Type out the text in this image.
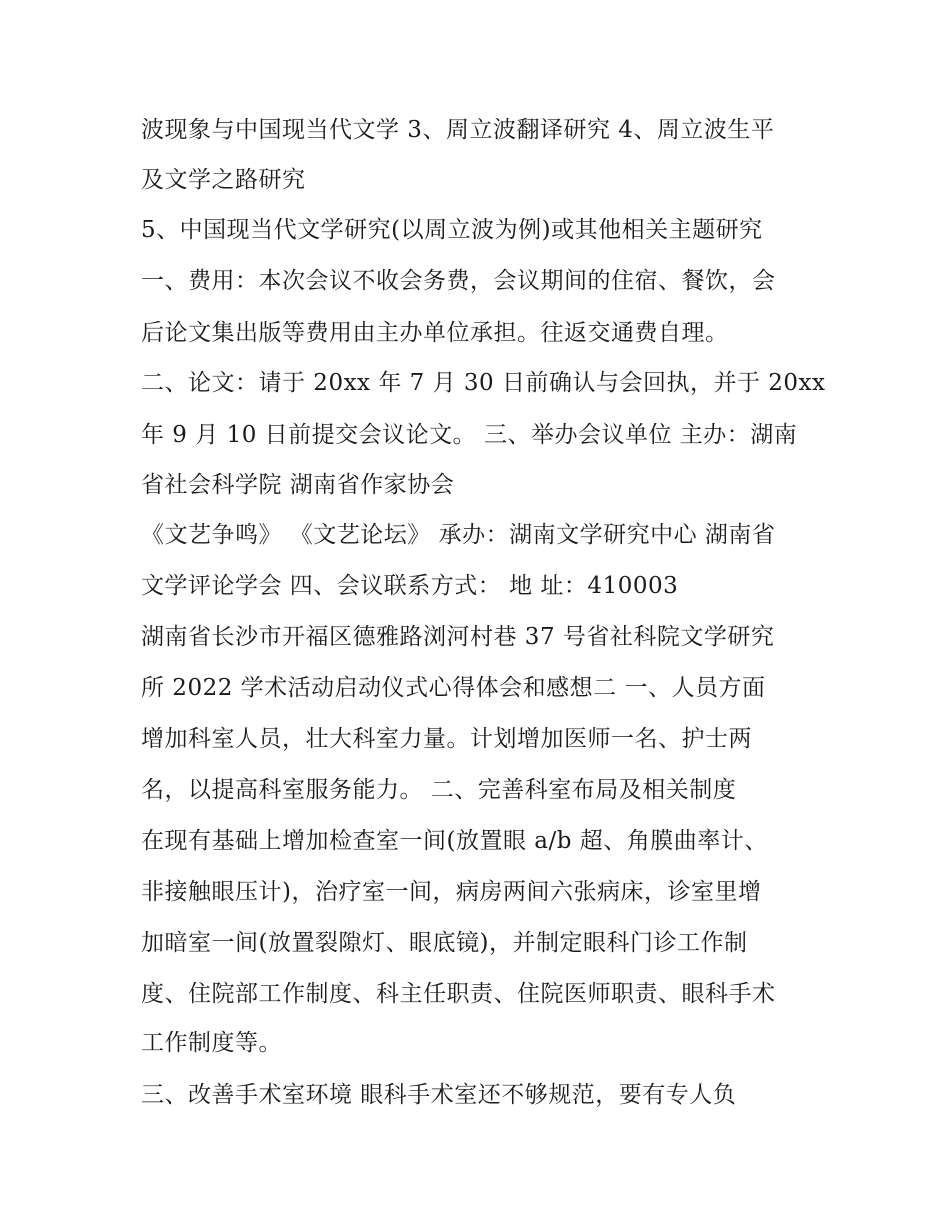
波现象与中国现当代文学 3、周立波翻译研究 4、周立波生平
及文学之路研究
5、中国现当代文学研究(以周立波为例)或其他相关主题研究
一、费用：本次会议不收会务费，会议期间的住宿、餐饮，会
后论文集出版等费用由主办单位承担。往返交通费自理。
二、论文：请于 20xx 年 7 月 30 日前确认与会回执，并于 20xx
年 9 月 10 日前提交会议论文。 三、举办会议单位 主办：湖南
省社会科学院 湖南省作家协会
《文艺争鸣》 《文艺论坛》 承办：湖南文学研究中心 湖南省
文学评论学会 四、会议联系方式： 地 址：410003
湖南省长沙市开福区德雅路浏河村巷 37 号省社科院文学研究
所 2022 学术活动启动仪式心得体会和感想二 一、人员方面
增加科室人员，壮大科室力量。计划增加医师一名、护士两
名，以提高科室服务能力。 二、完善科室布局及相关制度
在现有基础上增加检查室一间(放置眼 a/b 超、角膜曲率计、
非接触眼压计)，治疗室一间，病房两间六张病床，诊室里增
加暗室一间(放置裂隙灯、眼底镜)，并制定眼科门诊工作制
度、住院部工作制度、科主任职责、住院医师职责、眼科手术
工作制度等。
三、改善手术室环境 眼科手术室还不够规范，要有专人负
